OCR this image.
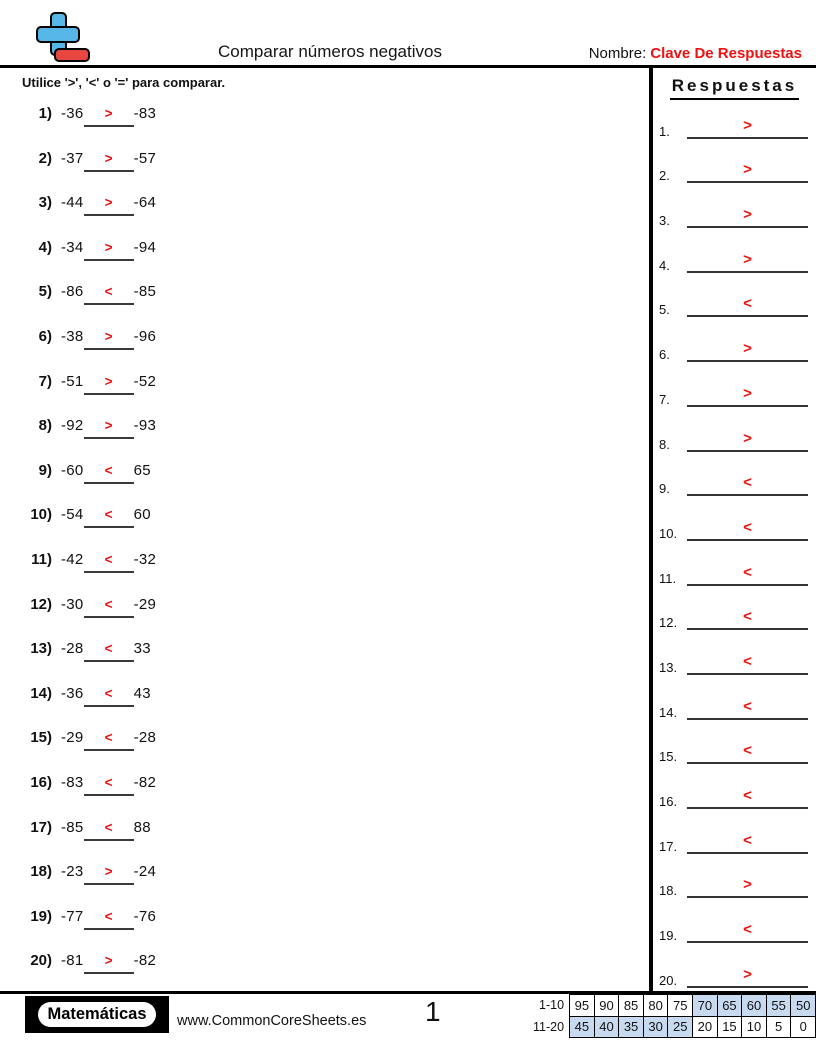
Comparar números negativos	Nombre: Clave De Respuestas
Utilice '>', '<' o '=' para comparar.
1) -36	>	-83
2) -37	>	-57
3) -44	>	-64
4) -34	>	-94
5) -86	<	-85
6) -38	>	-96
7) -51	>	-52
8) -92	>	-93
9) -60	<	65
10) -54	<	60
11) -42	<	-32
12) -30	<	-29
13) -28	<	33
14) -36	<	43
15) -29	<	-28
16) -83	<	-82
17) -85	<	88
18) -23	>	-24
19) -77	<	-76
20) -81	>	-82
Respuestas
1.	>
2.	>
3.	>
4.	>
5.	<
6.	>
7.	>
8.	>
9.	<
10.	<
11.	<
12.	<
13.	<
14.	<
15.	<
16.	<
17.	<
18.	>
19.	<
20.	>
Matemáticas	www.CommonCoreSheets.es 1	1-10	95	90	85	80	75	70	65	60	55	50
11-20	45	40	35	30	25	20	15	10	5	0
